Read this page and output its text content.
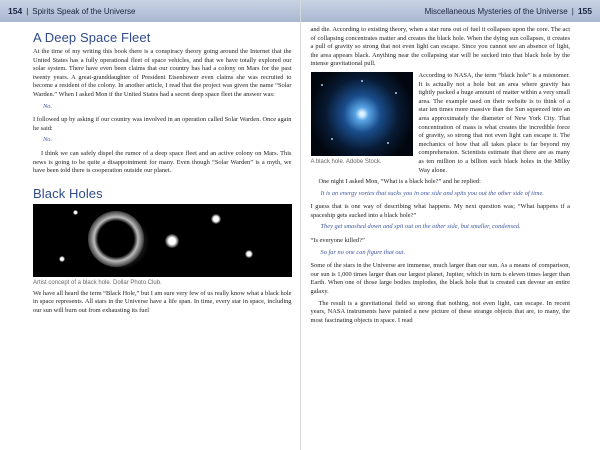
154 | Spirits Speak of the Universe
A Deep Space Fleet

At the time of my writing this book there is a conspiracy theory going around the Internet that the United States has a fully operational fleet of space vehicles, and that we have totally explored our solar system. There have even been claims that our country has had a colony on Mars for the past twenty years. A great-granddaughter of President Eisenhower even claims she was recruited to become a resident of the colony. In another article, I read that the project was given the name “Solar Warden.” When I asked Mon if the United States had a secret deep space fleet the answer was:

No.

I followed up by asking if our country was involved in an operation called Solar Warden. Once again he said:

No.

I think we can safely dispel the rumor of a deep space fleet and an active colony on Mars. This news is going to be quite a disappointment for many. Even though “Solar Warden” is a myth, we have been told there is cooperation outside our planet.

Black Holes
Artist concept of a black hole. Dollar Photo Club.

We have all heard the term “Black Hole,” but I am sure very few of us really know what a black hole in space represents. All stars in the Universe have a life span. In time, every star in space, including our sun will burn out from exhausting its fuel

Miscellaneous Mysteries of the Universe | 155

and die. According to existing theory, when a star runs out of fuel it collapses upon the core. The act of collapsing concentrates matter and creates the black hole. When the dying sun collapses, it creates a pull of gravity so strong that not even light can escape. Since you cannot see an absence of light, the area appears black. Anything near the collapsing star will be sucked into that black hole by the intense gravitational pull.

A black hole. Adobe Stock.

According to NASA, the term “black hole” is a misnomer. It is actually not a hole but an area where gravity has tightly packed a huge amount of matter within a very small area. The example used on their website is to think of a star ten times more massive than the Sun squeezed into an area approximately the diameter of New York City. That concentration of mass is what creates the incredible force of gravity, so strong that not even light can escape it. The mechanics of how that all takes place is far beyond my comprehension. Scientists estimate that there are as many as ten million to a billion such black holes in the Milky Way alone.

One night I asked Mon, “What is a black hole?” and he replied:

It is an energy vortex that sucks you in one side and spits you out the other side of time.

I guess that is one way of describing what happens. My next question was; “What happens if a spaceship gets sucked into a black hole?”

They get smashed down and spit out on the other side, but smaller, condensed.

“Is everyone killed?”

So far no one can figure that out.

Some of the stars in the Universe are immense, much larger than our sun. As a means of comparison, our sun is 1,000 times larger than our largest planet, Jupiter, which in turn is eleven times larger than Earth. When one of those large bodies implodes, the black hole that is created can devour an entire galaxy.

The result is a gravitational field so strong that nothing, not even light, can escape. In recent years, NASA instruments have painted a new picture of these strange objects that are, to many, the most fascinating objects in space. I read
